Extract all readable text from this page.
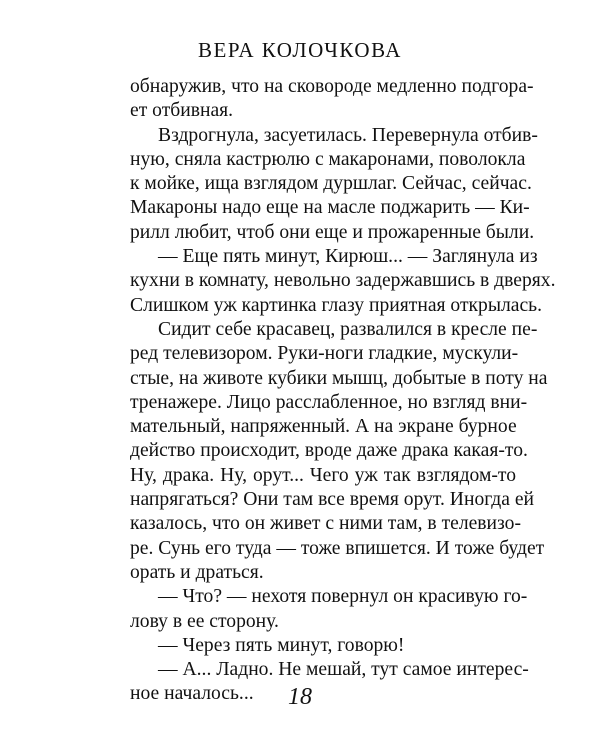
ВЕРА КОЛОЧКОВА
обнаружив, что на сковороде медленно подгора-
ет отбивная.
Вздрогнула, засуетилась. Перевернула отбив-
ную, сняла кастрюлю с макаронами, поволокла
к мойке, ища взглядом дуршлаг. Сейчас, сейчас.
Макароны надо еще на масле поджарить — Ки-
рилл любит, чтоб они еще и прожаренные были.
— Еще пять минут, Кирюш... — Заглянула из
кухни в комнату, невольно задержавшись в дверях.
Слишком уж картинка глазу приятная открылась.
Сидит себе красавец, развалился в кресле пе-
ред телевизором. Руки-ноги гладкие, мускули-
стые, на животе кубики мышц, добытые в поту на
тренажере. Лицо расслабленное, но взгляд вни-
мательный, напряженный. А на экране бурное
действо происходит, вроде даже драка какая-то.
Ну, драка. Ну, орут... Чего уж так взглядом-то
напрягаться? Они там все время орут. Иногда ей
казалось, что он живет с ними там, в телевизо-
ре. Сунь его туда — тоже впишется. И тоже будет
орать и драться.
— Что? — нехотя повернул он красивую го-
лову в ее сторону.
— Через пять минут, говорю!
— А... Ладно. Не мешай, тут самое интерес-
ное началось...	18
